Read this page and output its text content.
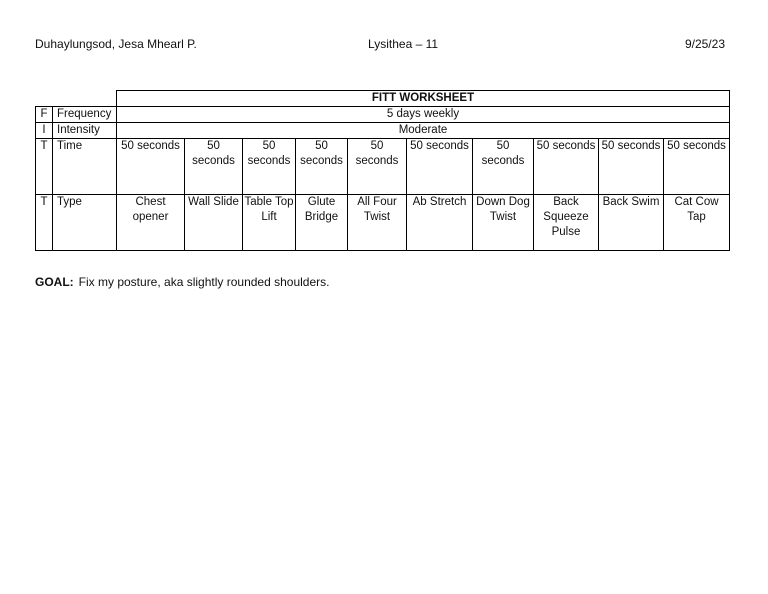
Duhaylungsod, Jesa Mhearl P.	Lysithea – 11	9/25/23
		FITT WORKSHEET									
F	Frequency	5 days weekly									
I	Intensity	Moderate									
T	Time	50 seconds	50 seconds	50 seconds	50 seconds	50 seconds	50 seconds	50 seconds	50 seconds	50 seconds	50 seconds
T	Type	Chest opener	Wall Slide	Table Top Lift	Glute Bridge	All Four Twist	Ab Stretch	Down Dog Twist	Back Squeeze Pulse	Back Swim	Cat Cow Tap
GOAL: Fix my posture, aka slightly rounded shoulders.
